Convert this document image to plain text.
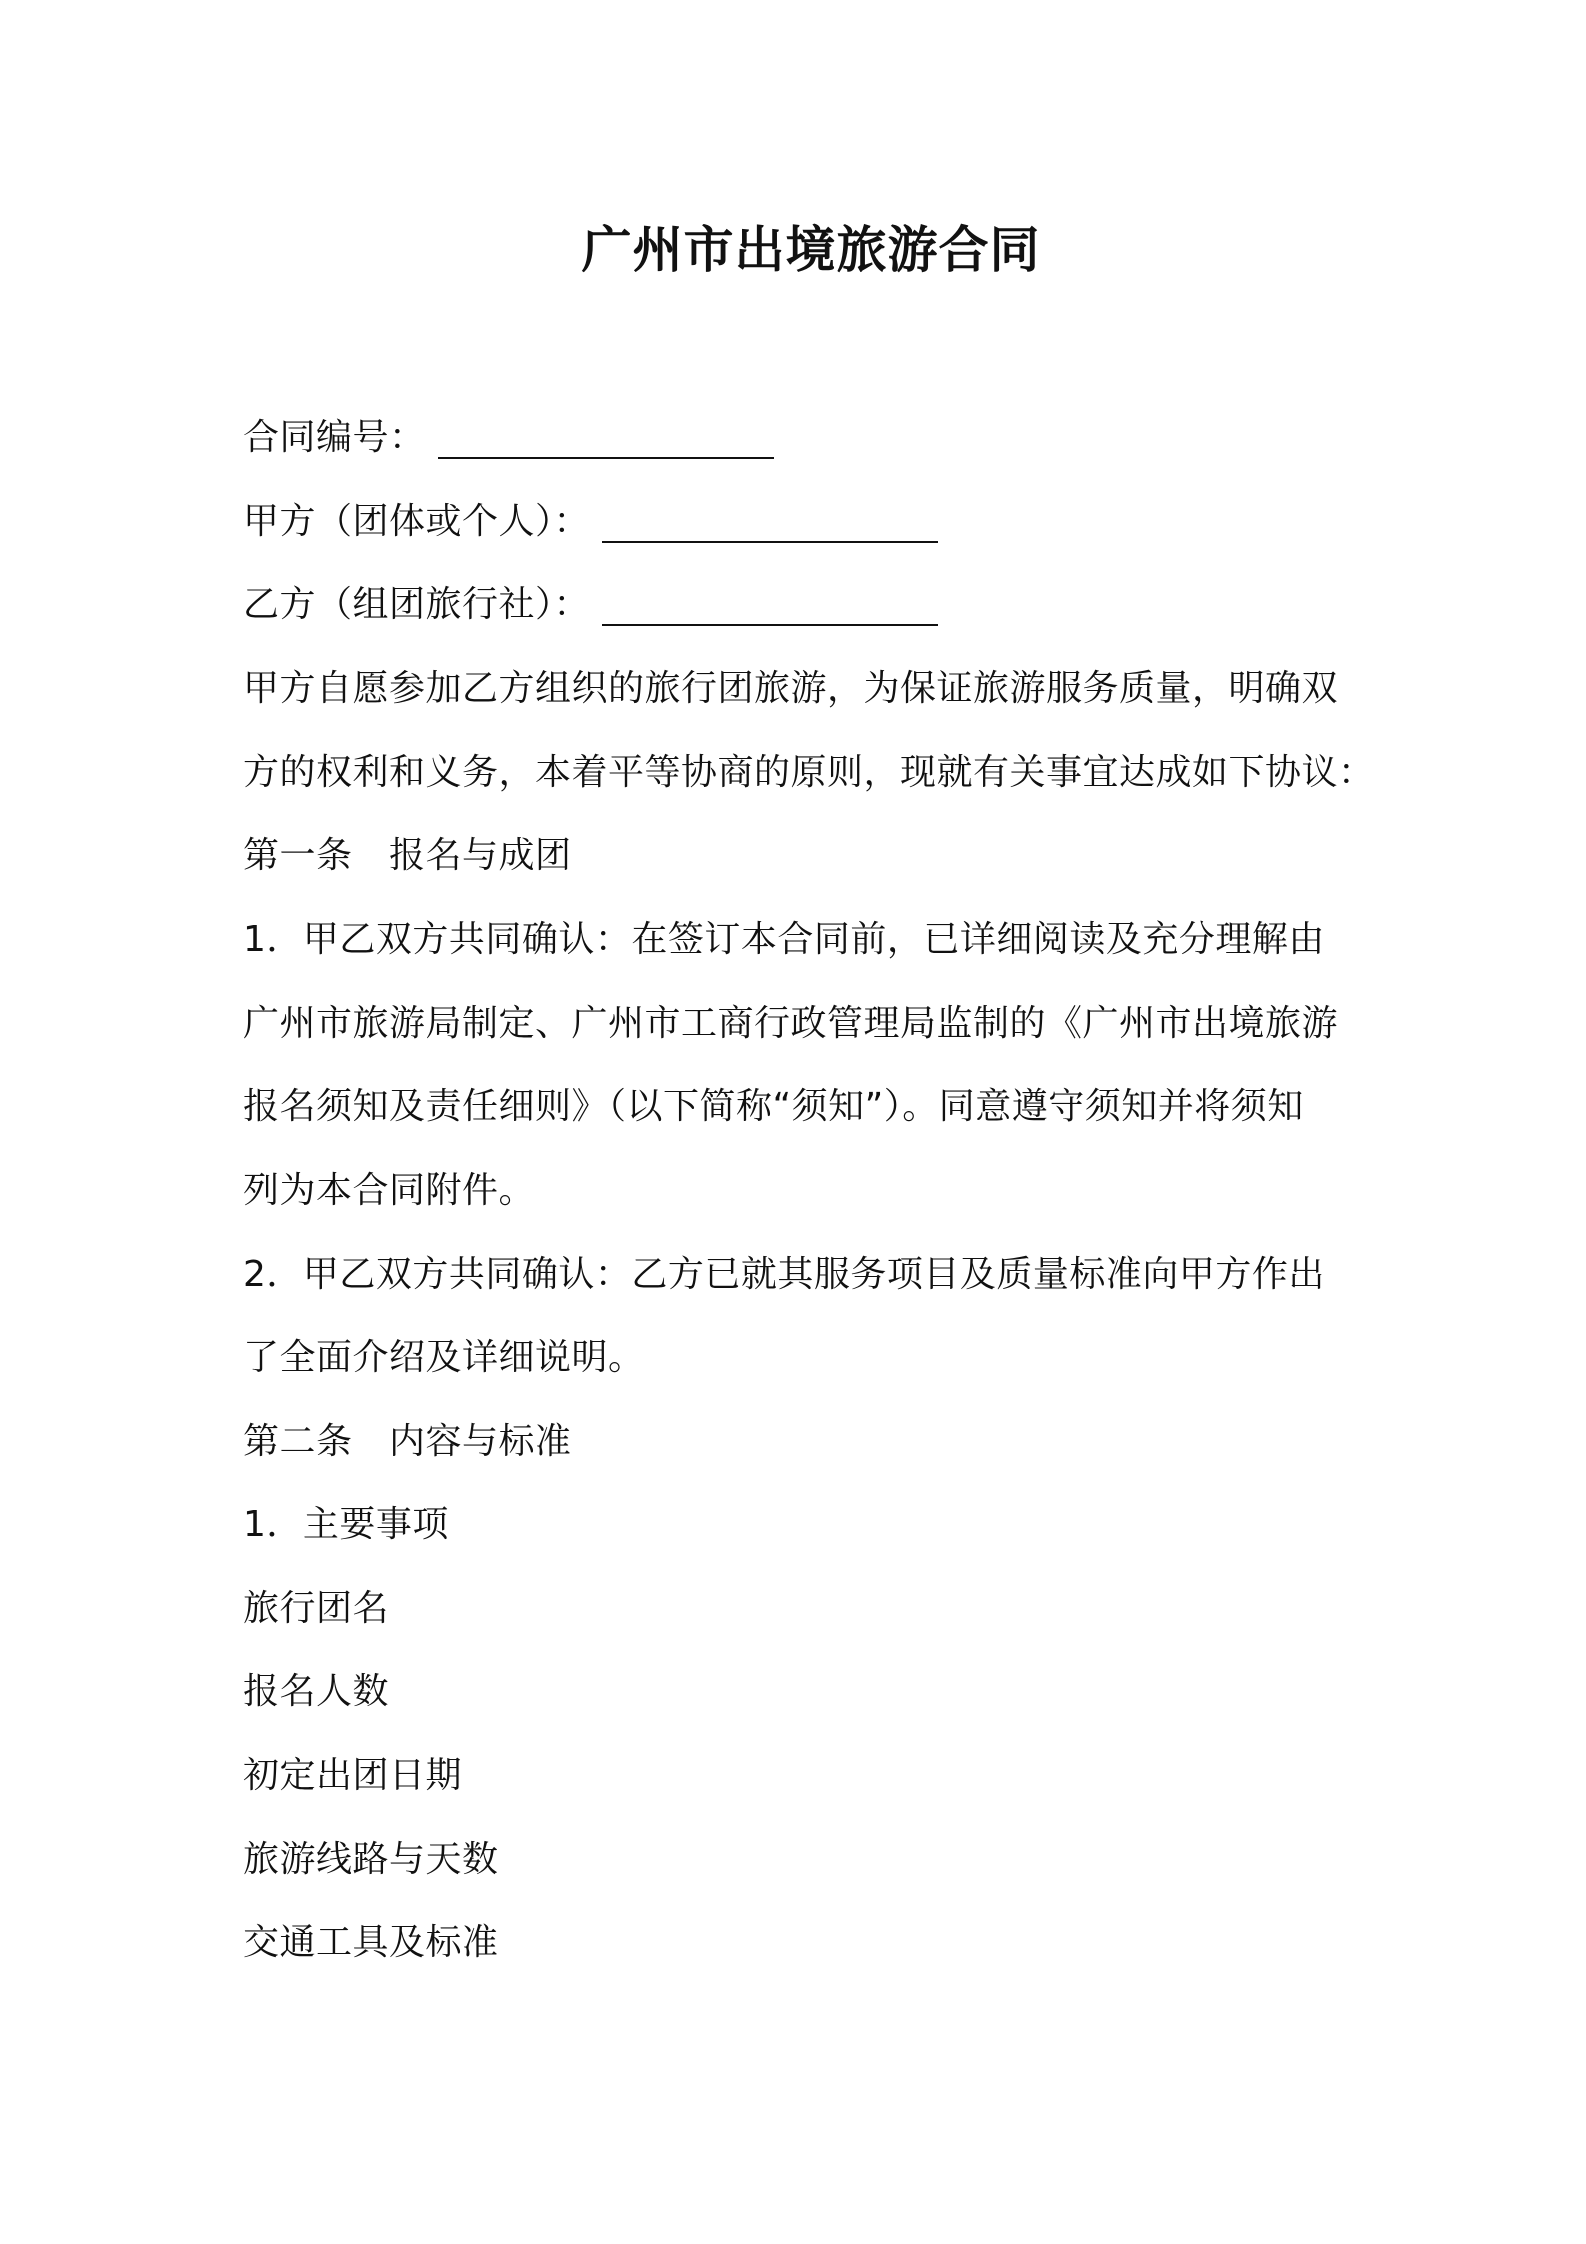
广州市出境旅游合同
合同编号：
甲方（团体或个人）：
乙方（组团旅行社）：
甲方自愿参加乙方组织的旅行团旅游，为保证旅游服务质量，明确双
方的权利和义务，本着平等协商的原则，现就有关事宜达成如下协议：
第一条　报名与成团
1．甲乙双方共同确认：在签订本合同前，已详细阅读及充分理解由
广州市旅游局制定、广州市工商行政管理局监制的《广州市出境旅游
报名须知及责任细则》（以下简称“须知”）。同意遵守须知并将须知
列为本合同附件。
2．甲乙双方共同确认：乙方已就其服务项目及质量标准向甲方作出
了全面介绍及详细说明。
第二条　内容与标准
1．主要事项
旅行团名
报名人数
初定出团日期
旅游线路与天数
交通工具及标准
